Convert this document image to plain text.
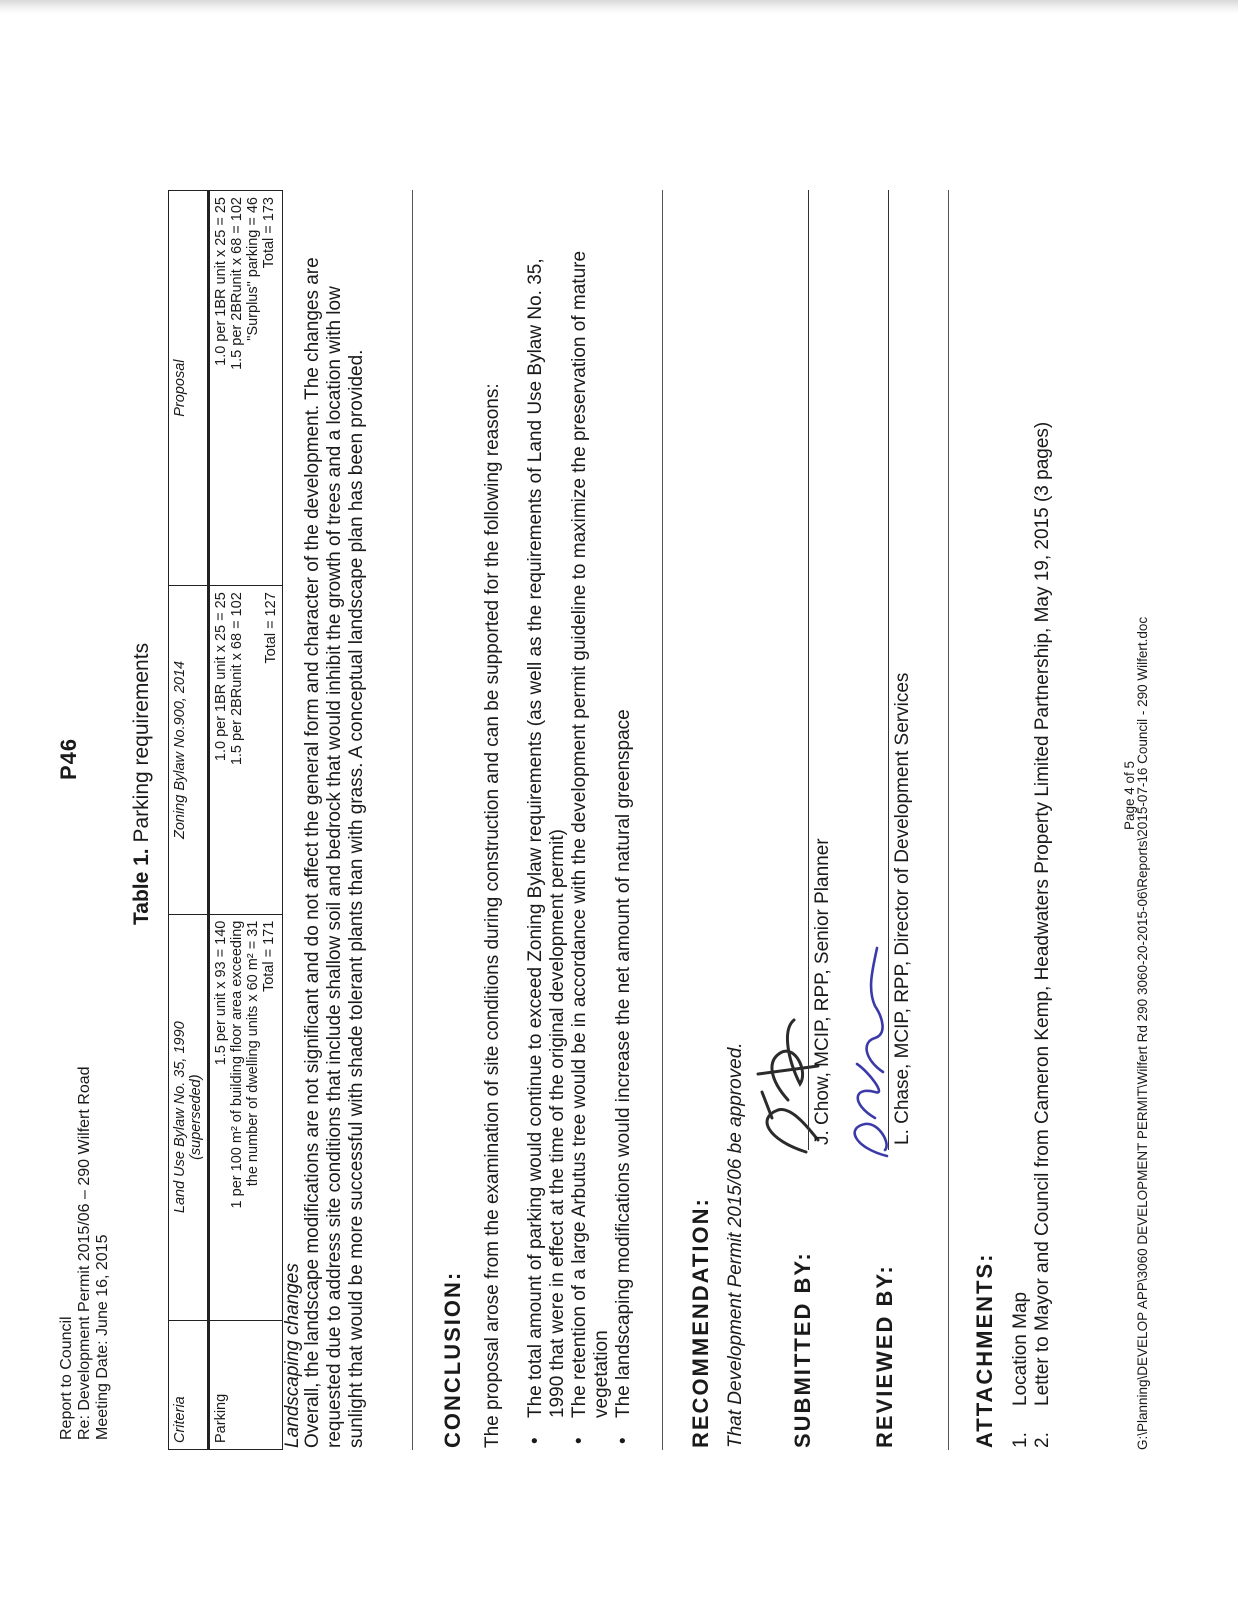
Report to Council Re: Development Permit 2015/06 – 290 Wilfert Road Meeting Date: June 16, 2015
P46
Table 1. Parking requirements
Criteria	Land Use Bylaw No. 35, 1990 (superseded)	Zoning Bylaw No.900, 2014	Proposal
Parking	1.5 per unit x 93 = 140 1 per 100 m² of building floor area exceeding the number of dwelling units x 60 m² = 31 Total = 171	1.0 per 1BR unit x 25 = 25 1.5 per 2BRunit x 68 = 102 Total = 127	1.0 per 1BR unit x 25 = 25 1.5 per 2BRunit x 68 = 102 "Surplus" parking = 46 Total = 173
Landscaping changes Overall, the landscape modifications are not significant and do not affect the general form and character of the development. The changes are requested due to address site conditions that include shallow soil and bedrock that would inhibit the growth of trees and a location with low sunlight that would be more successful with shade tolerant plants than with grass. A conceptual landscape plan has been provided.	CONCLUSION: The proposal arose from the examination of site conditions during construction and can be supported for the following reasons: •
The total amount of parking would continue to exceed Zoning Bylaw requirements (as well as the requirements of Land Use Bylaw No. 35, 1990 that were in effect at the time of the original development permit)
•
The retention of a large Arbutus tree would be in accordance with the development permit guideline to maximize the preservation of mature vegetation
•
The landscaping modifications would increase the net amount of natural greenspace RECOMMENDATION: That Development Permit 2015/06 be approved. SUBMITTED BY:
J. Chow, MCIP, RPP, Senior Planner
REVIEWED BY:
L. Chase, MCIP, RPP, Director of Development Services
ATTACHMENTS: 1.
Location Map
2.
Letter to Mayor and Council from Cameron Kemp, Headwaters Property Limited Partnership, May 19, 2015 (3 pages)	Page 4 of 5
G:\Planning\DEVELOP APP\3060 DEVELOPMENT PERMIT\Wilfert Rd 290 3060-20-2015-06\Reports\2015-07-16 Council - 290 Wilfert.doc
